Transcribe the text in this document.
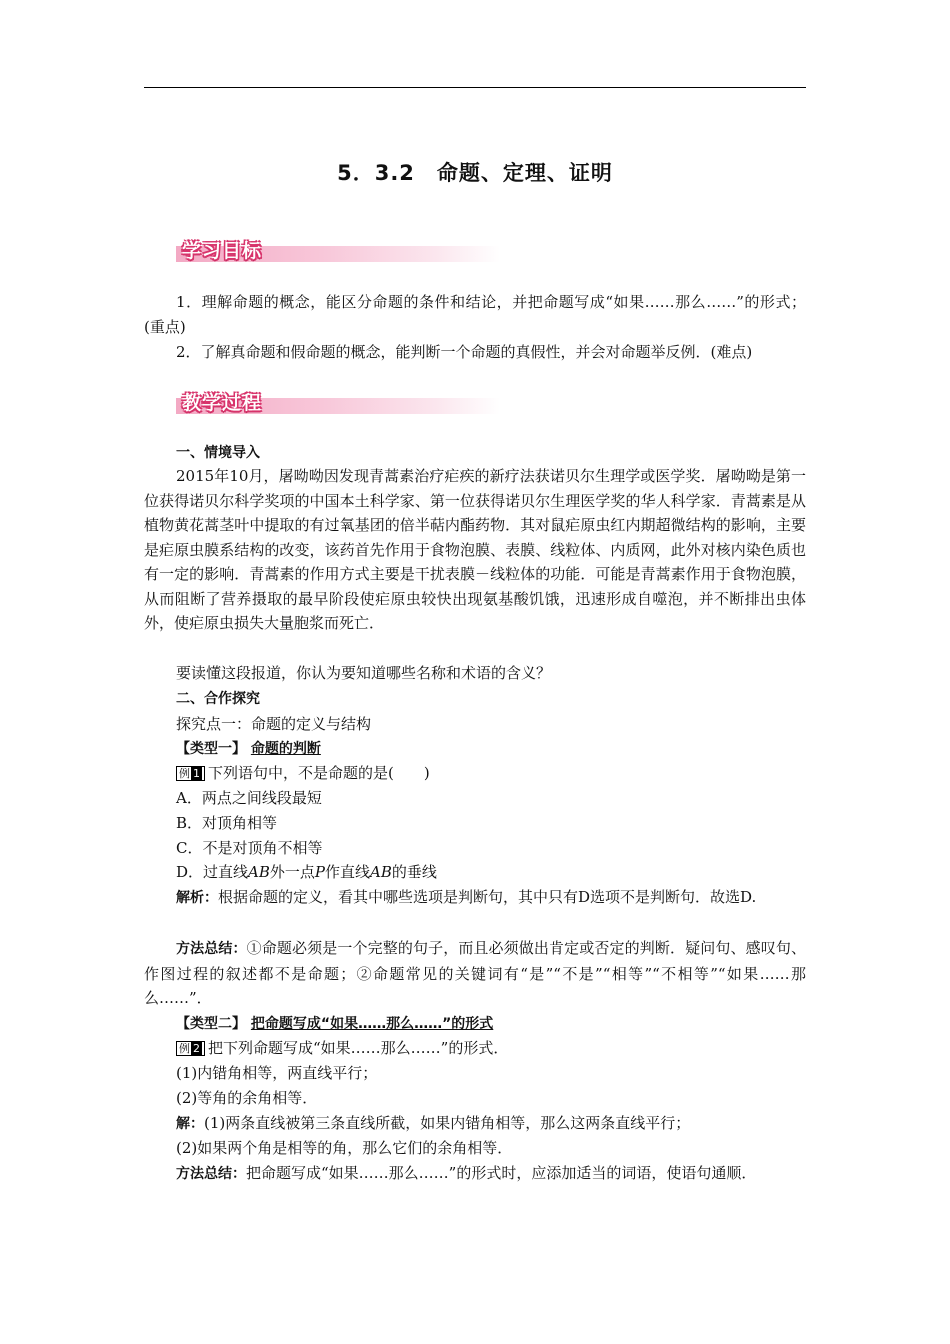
5．3.2　命题、定理、证明
学习目标
教学过程

1．理解命题的概念，能区分命题的条件和结论，并把命题写成“如果……那么……”的形式；(重点)

2．了解真命题和假命题的概念，能判断一个命题的真假性，并会对命题举反例．(难点)

一、情境导入

2015年10月，屠呦呦因发现青蒿素治疗疟疾的新疗法获诺贝尔生理学或医学奖．屠呦呦是第一位获得诺贝尔科学奖项的中国本土科学家、第一位获得诺贝尔生理医学奖的华人科学家．青蒿素是从植物黄花蒿茎叶中提取的有过氧基团的倍半萜内酯药物．其对鼠疟原虫红内期超微结构的影响，主要是疟原虫膜系结构的改变，该药首先作用于食物泡膜、表膜、线粒体、内质网，此外对核内染色质也有一定的影响．青蒿素的作用方式主要是干扰表膜－线粒体的功能．可能是青蒿素作用于食物泡膜，从而阻断了营养摄取的最早阶段使疟原虫较快出现氨基酸饥饿，迅速形成自噬泡，并不断排出虫体外，使疟原虫损失大量胞浆而死亡．

要读懂这段报道，你认为要知道哪些名称和术语的含义？

二、合作探究

探究点一：命题的定义与结构

【类型一】 命题的判断

例 1 下列语句中，不是命题的是(　　)

A．两点之间线段最短

B．对顶角相等

C．不是对顶角不相等

D．过直线AB外一点P作直线AB的垂线

解析：根据命题的定义，看其中哪些选项是判断句，其中只有D选项不是判断句．故选D.

方法总结：①命题必须是一个完整的句子，而且必须做出肯定或否定的判断．疑问句、感叹句、作图过程的叙述都不是命题；②命题常见的关键词有“是”“不是”“相等”“不相等”“如果……那么……”．

【类型二】 把命题写成“如果……那么……”的形式

例 2 把下列命题写成“如果……那么……”的形式．

(1)内错角相等，两直线平行；

(2)等角的余角相等．

解：(1)两条直线被第三条直线所截，如果内错角相等，那么这两条直线平行；

(2)如果两个角是相等的角，那么它们的余角相等．

方法总结：把命题写成“如果……那么……”的形式时，应添加适当的词语，使语句通顺．
